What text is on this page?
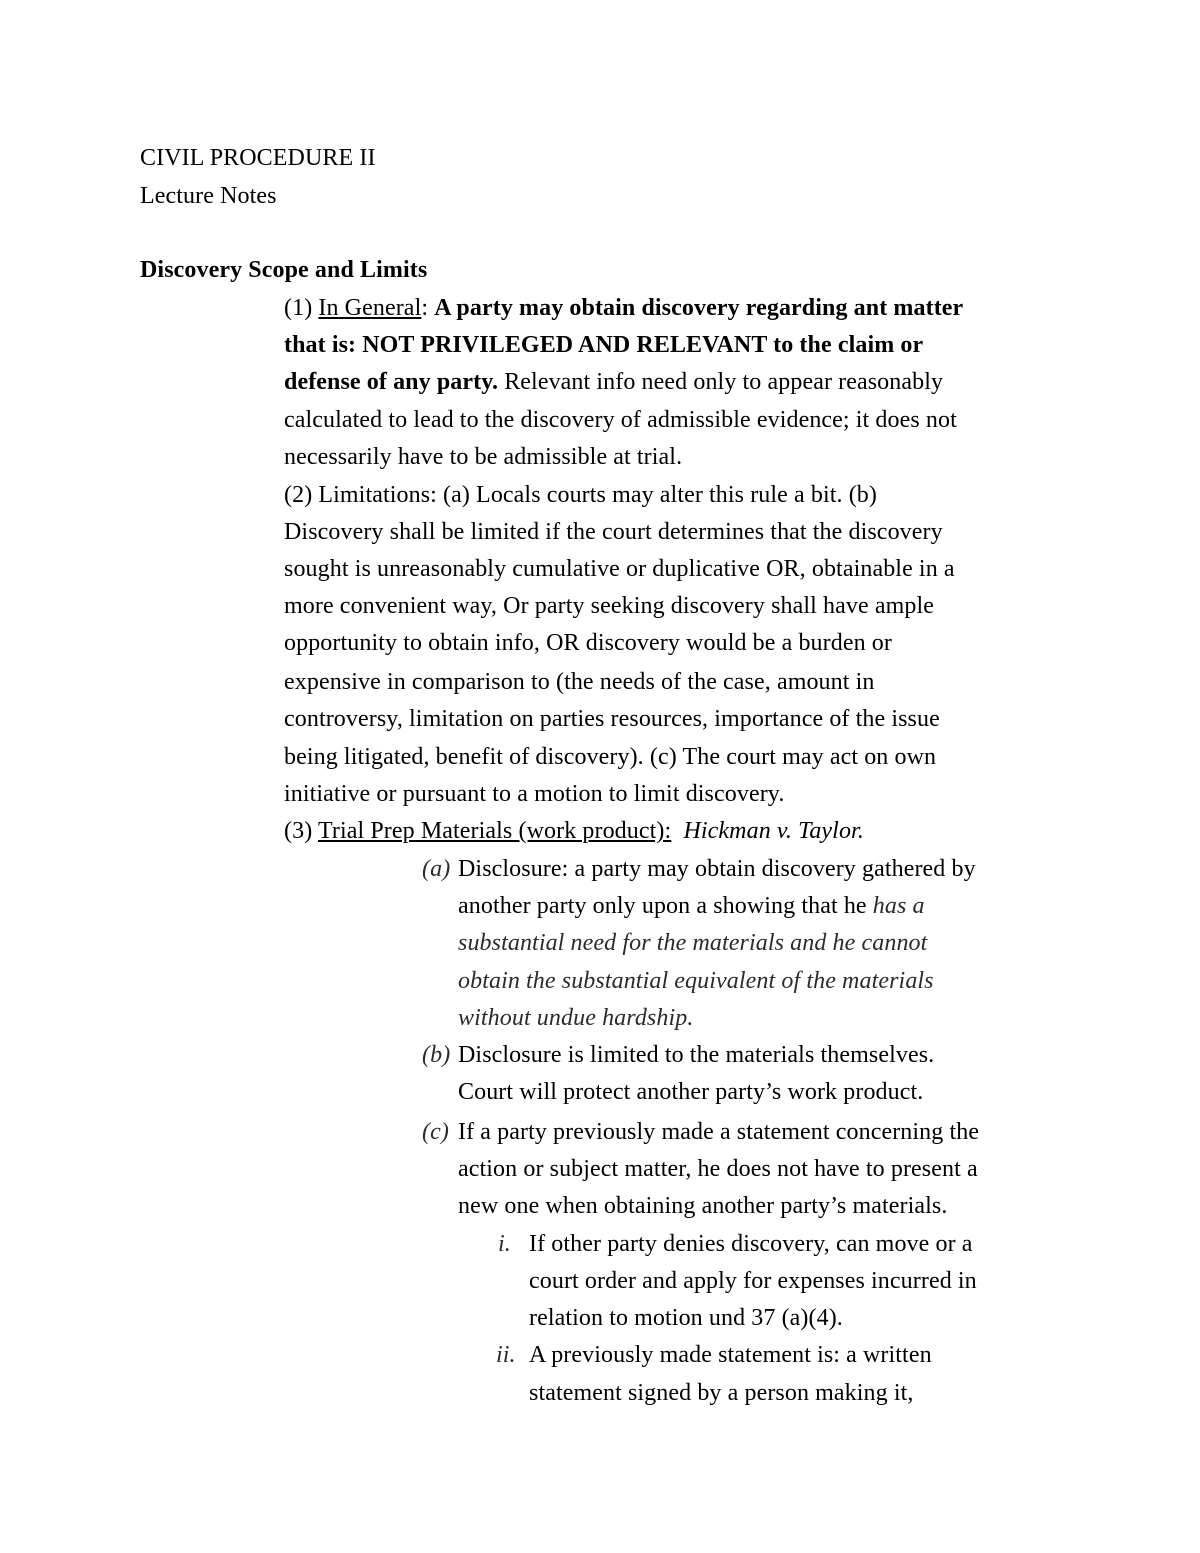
CIVIL PROCEDURE II
Lecture Notes
Discovery Scope and Limits
(1) In General: A party may obtain discovery regarding ant matter
that is: NOT PRIVILEGED AND RELEVANT to the claim or
defense of any party. Relevant info need only to appear reasonably
calculated to lead to the discovery of admissible evidence; it does not
necessarily have to be admissible at trial.
(2) Limitations: (a) Locals courts may alter this rule a bit. (b)
Discovery shall be limited if the court determines that the discovery
sought is unreasonably cumulative or duplicative OR, obtainable in a
more convenient way, Or party seeking discovery shall have ample
opportunity to obtain info, OR discovery would be a burden or
expensive in comparison to (the needs of the case, amount in
controversy, limitation on parties resources, importance of the issue
being litigated, benefit of discovery). (c) The court may act on own
initiative or pursuant to a motion to limit discovery.
(3) Trial Prep Materials (work product): Hickman v. Taylor.
(a) Disclosure: a party may obtain discovery gathered by
another party only upon a showing that he has a
substantial need for the materials and he cannot
obtain the substantial equivalent of the materials
without undue hardship.
(b) Disclosure is limited to the materials themselves.
Court will protect another party’s work product.
(c) If a party previously made a statement concerning the
action or subject matter, he does not have to present a
new one when obtaining another party’s materials.
i. If other party denies discovery, can move or a
court order and apply for expenses incurred in
relation to motion und 37 (a)(4).
ii. A previously made statement is: a written
statement signed by a person making it,
